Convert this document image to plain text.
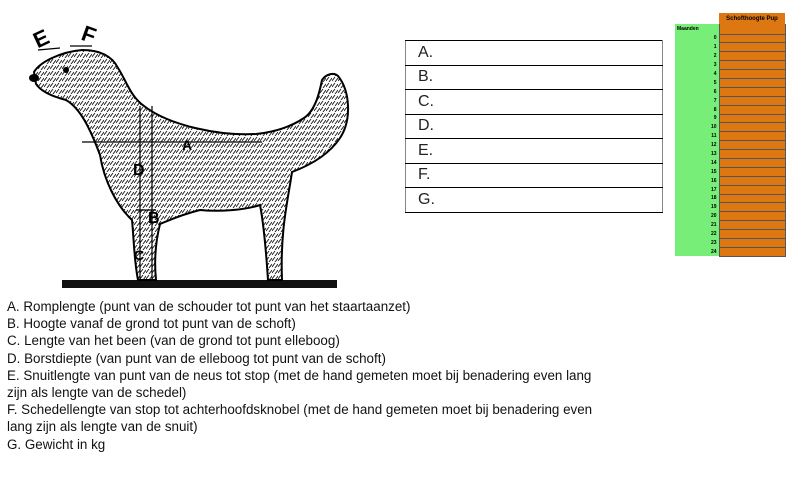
E F
A
D
B
C
A.
B.
C.
D.
E.
F.
G.
	Schofthoogte Pup
Maanden	
0	
1	
2	
3	
4	
5	
6	
7	
8	
9	
10	
11	
12	
13	
14	
15	
16	
17	
18	
19	
20	
21	
22	
23	
24	

A. Romplengte (punt van de schouder tot punt van het staartaanzet)

B. Hoogte vanaf de grond tot punt van de schoft)

C. Lengte van het been (van de grond tot punt elleboog)

D. Borstdiepte (van punt van de elleboog tot punt van de schoft)

E. Snuitlengte van punt van de neus tot stop (met de hand gemeten moet bij benadering even lang

zijn als lengte van de schedel)

F. Schedellengte van stop tot achterhoofdsknobel (met de hand gemeten moet bij benadering even

lang zijn als lengte van de snuit)

G. Gewicht in kg
